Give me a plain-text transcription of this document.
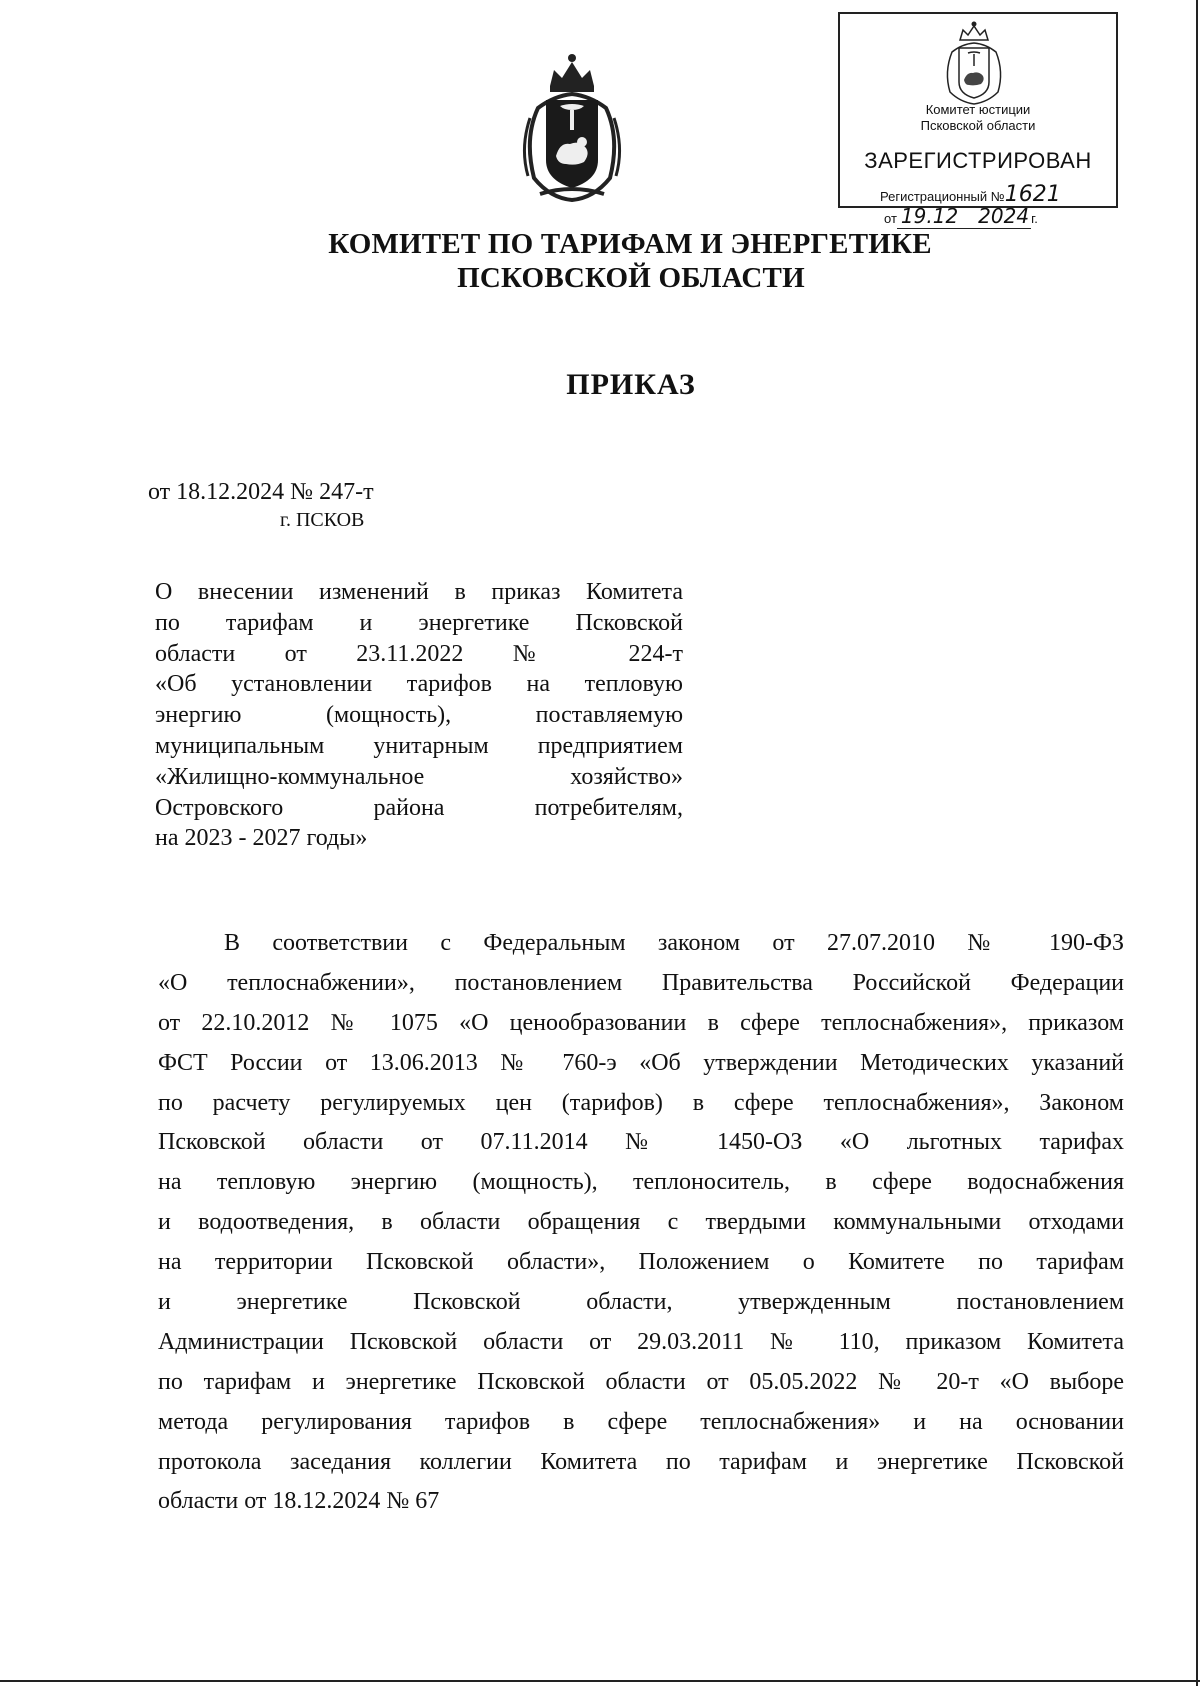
Комитет юстиции
Псковской области
ЗАРЕГИСТРИРОВАН
Регистрационный №1621
от 19.12 2024 г.
КОМИТЕТ ПО ТАРИФАМ И ЭНЕРГЕТИКЕ
ПСКОВСКОЙ ОБЛАСТИ
ПРИКАЗ
от 18.12.2024 № 247-т
г. ПСКОВ
О внесении изменений в приказ Комитета
по тарифам и энергетике Псковской
области от 23.11.2022 № 224-т
«Об установлении тарифов на тепловую
энергию (мощность), поставляемую
муниципальным унитарным предприятием
«Жилищно-коммунальное хозяйство»
Островского района потребителям,
на 2023 - 2027 годы»
В соответствии с Федеральным законом от 27.07.2010 № 190-ФЗ
«О теплоснабжении», постановлением Правительства Российской Федерации
от 22.10.2012 № 1075 «О ценообразовании в сфере теплоснабжения», приказом
ФСТ России от 13.06.2013 № 760-э «Об утверждении Методических указаний
по расчету регулируемых цен (тарифов) в сфере теплоснабжения», Законом
Псковской области от 07.11.2014 № 1450-ОЗ «О льготных тарифах
на тепловую энергию (мощность), теплоноситель, в сфере водоснабжения
и водоотведения, в области обращения с твердыми коммунальными отходами
на территории Псковской области», Положением о Комитете по тарифам
и энергетике Псковской области, утвержденным постановлением
Администрации Псковской области от 29.03.2011 № 110, приказом Комитета
по тарифам и энергетике Псковской области от 05.05.2022 № 20-т «О выборе
метода регулирования тарифов в сфере теплоснабжения» и на основании
протокола заседания коллегии Комитета по тарифам и энергетике Псковской
области от 18.12.2024 № 67
